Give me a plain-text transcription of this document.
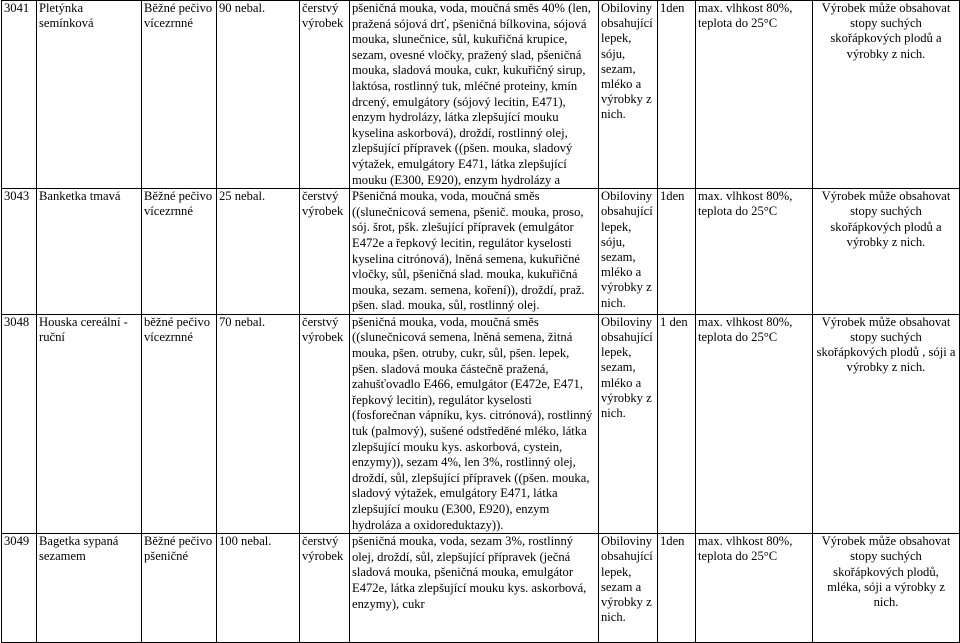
3041	Pletýnka semínková	Běžné pečivo vícezrnné	90 nebal.	čerstvý výrobek	pšeničná mouka, voda, moučná směs 40% (len, pražená sójová drť, pšeničná bílkovina, sójová mouka, slunečnice, sůl, kukuřičná krupice, sezam, ovesné vločky, pražený slad, pšeničná mouka, sladová mouka, cukr, kukuřičný sirup, laktósa, rostlinný tuk, mléčné proteiny, kmín drcený, emulgátory (sójový lecitin, E471), enzym hydrolázy, látka zlepšující mouku kyselina askorbová), droždí, rostlinný olej, zlepšující přípravek ((pšen. mouka, sladový výtažek, emulgátory E471, látka zlepšující mouku (E300, E920), enzym hydrolázy a	Obiloviny obsahující lepek, sóju, sezam, mléko a výrobky z nich.	1den	max. vlhkost 80%, teplota do 25°C	Výrobek může obsahovat stopy suchých skořápkových plodů a výrobky z nich.
3043	Banketka tmavá	Běžné pečivo vícezrnné	25 nebal.	čerstvý výrobek	Pšeničná mouka, voda, moučná směs ((slunečnicová semena, pšenič. mouka, proso, sój. šrot, pšk. zlešující přípravek (emulgátor E472e a řepkový lecitin, regulátor kyselosti kyselina citrónová), lněná semena, kukuřičné vločky, sůl, pšeničná slad. mouka, kukuřičná mouka, sezam. semena, koření)), droždí, praž. pšen. slad. mouka, sůl, rostlinný olej.	Obiloviny obsahující lepek, sóju, sezam, mléko a výrobky z nich.	1den	max. vlhkost 80%, teplota do 25°C	Výrobek může obsahovat stopy suchých skořápkových plodů a výrobky z nich.
3048	Houska cereální - ruční	běžné pečivo vícezrnné	70 nebal.	čerstvý výrobek	pšeničná mouka, voda, moučná směs ((slunečnicová semena, lněná semena, žitná mouka, pšen. otruby, cukr, sůl, pšen. lepek, pšen. sladová mouka částečně pražená, zahušťovadlo E466, emulgátor (E472e, E471, řepkový lecitin), regulátor kyselosti (fosforečnan vápníku, kys. citrónová), rostlinný tuk (palmový), sušené odstředěné mléko, látka zlepšující mouku kys. askorbová, cystein, enzymy)), sezam 4%, len 3%, rostlinný olej, droždí, sůl, zlepšující přípravek ((pšen. mouka, sladový výtažek, emulgátory E471, látka zlepšující mouku (E300, E920), enzym hydroláza a oxidoreduktazy)).	Obiloviny obsahující lepek, sezam, mléko a výrobky z nich.	1 den	max. vlhkost 80%, teplota do 25°C	Výrobek může obsahovat stopy suchých skořápkových plodů , sóji a výrobky z nich.
3049	Bagetka sypaná sezamem	Běžné pečivo pšeničné	100 nebal.	čerstvý výrobek	pšeničná mouka, voda, sezam 3%, rostlinný olej, droždí, sůl, zlepšující přípravek (ječná sladová mouka, pšeničná mouka, emulgátor E472e, látka zlepšující mouku kys. askorbová, enzymy), cukr	Obiloviny obsahující lepek, sezam a výrobky z nich.	1den	max. vlhkost 80%, teplota do 25°C	Výrobek může obsahovat stopy suchých skořápkových plodů, mléka, sóji a výrobky z nich.
